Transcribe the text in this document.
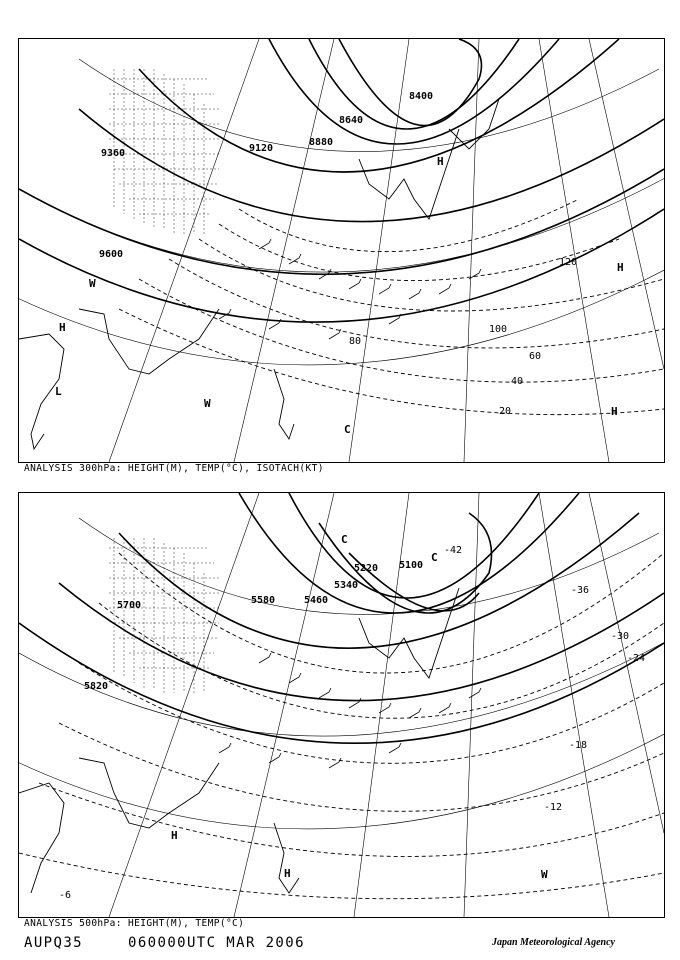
8400
8640
8880
9120
9360
9600
20
40
60
80
100
120
H
H
H
H
W
W
L
C
ANALYSIS 300hPa: HEIGHT(M), TEMP(°C), ISOTACH(KT)
5100
5220
5340
5460
5580
5700
5820
-42
-36
-30
-24
-18
-12
-6
C
C
H
H	W
ANALYSIS 500hPa: HEIGHT(M), TEMP(°C)
AUPQ35	060000UTC MAR 2006	Japan Meteorological Agency
